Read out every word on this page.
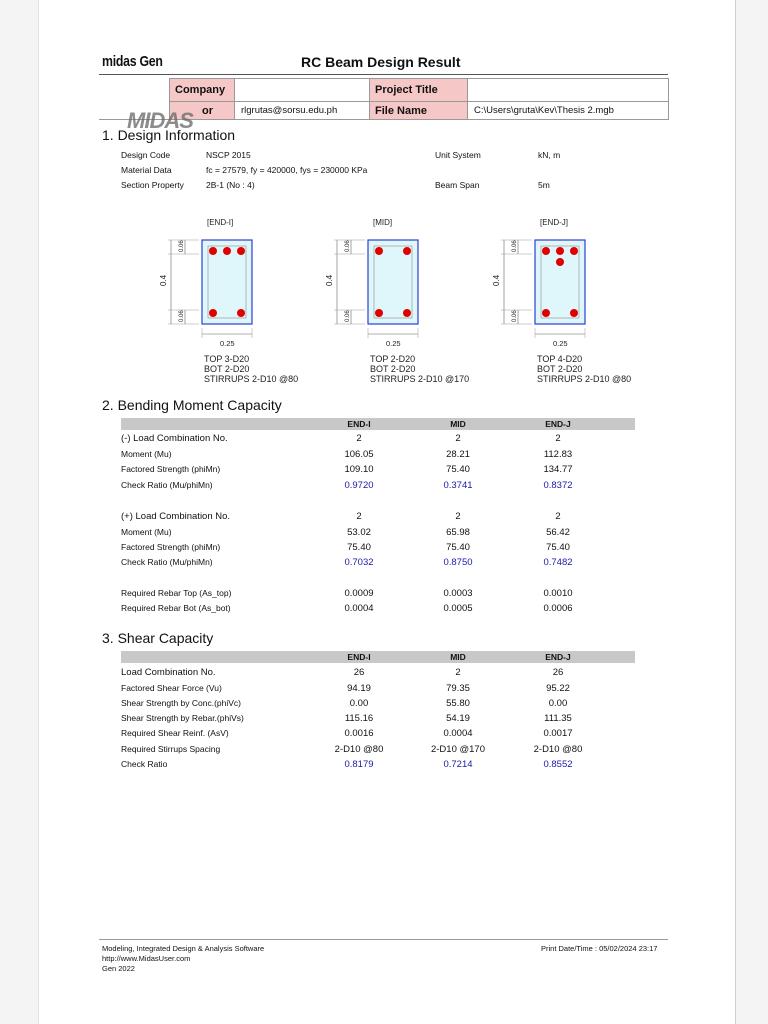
midas Gen	RC Beam Design Result
Company	Project Title
or	rlgrutas@sorsu.edu.ph	File Name	C:\Users\gruta\Kev\Thesis 2.mgb
MIDAS
1. Design Information
Design Code	NSCP 2015	Unit System	kN, m
Material Data	fc = 27579, fy = 420000, fys = 230000 KPa
Section Property	2B-1 (No : 4)	Beam Span	5m
[END-I]
0.4
0.06
0.06
0.25
TOP 3-D20
BOT 2-D20
STIRRUPS 2-D10 @80
[MID]
0.4
0.06
0.06
0.25
TOP 2-D20
BOT 2-D20
STIRRUPS 2-D10 @170
[END-J]
0.4
0.06
0.06
0.25
TOP 4-D20
BOT 2-D20
STIRRUPS 2-D10 @80
2. Bending Moment Capacity
END-I	MID	END-J
3. Shear Capacity
END-I	MID	END-J
Modeling, Integrated Design & Analysis Software
http://www.MidasUser.com
Gen 2022
Print Date/Time : 05/02/2024 23:17
(-) Load Combination No.	2	2	2
Moment (Mu)	106.05	28.21	112.83
Factored Strength (phiMn)	109.10	75.40	134.77
Check Ratio (Mu/phiMn)	0.9720	0.3741	0.8372
(+) Load Combination No.	2	2	2
Moment (Mu)	53.02	65.98	56.42
Factored Strength (phiMn)	75.40	75.40	75.40
Check Ratio (Mu/phiMn)	0.7032	0.8750	0.7482
Required Rebar Top (As_top)	0.0009	0.0003	0.0010
Required Rebar Bot (As_bot)	0.0004	0.0005	0.0006
Load Combination No.	26	2	26
Factored Shear Force (Vu)	94.19	79.35	95.22
Shear Strength by Conc.(phiVc)	0.00	55.80	0.00
Shear Strength by Rebar.(phiVs)	115.16	54.19	111.35
Required Shear Reinf. (AsV)	0.0016	0.0004	0.0017
Required Stirrups Spacing	2-D10 @80	2-D10 @170	2-D10 @80
Check Ratio	0.8179	0.7214	0.8552
